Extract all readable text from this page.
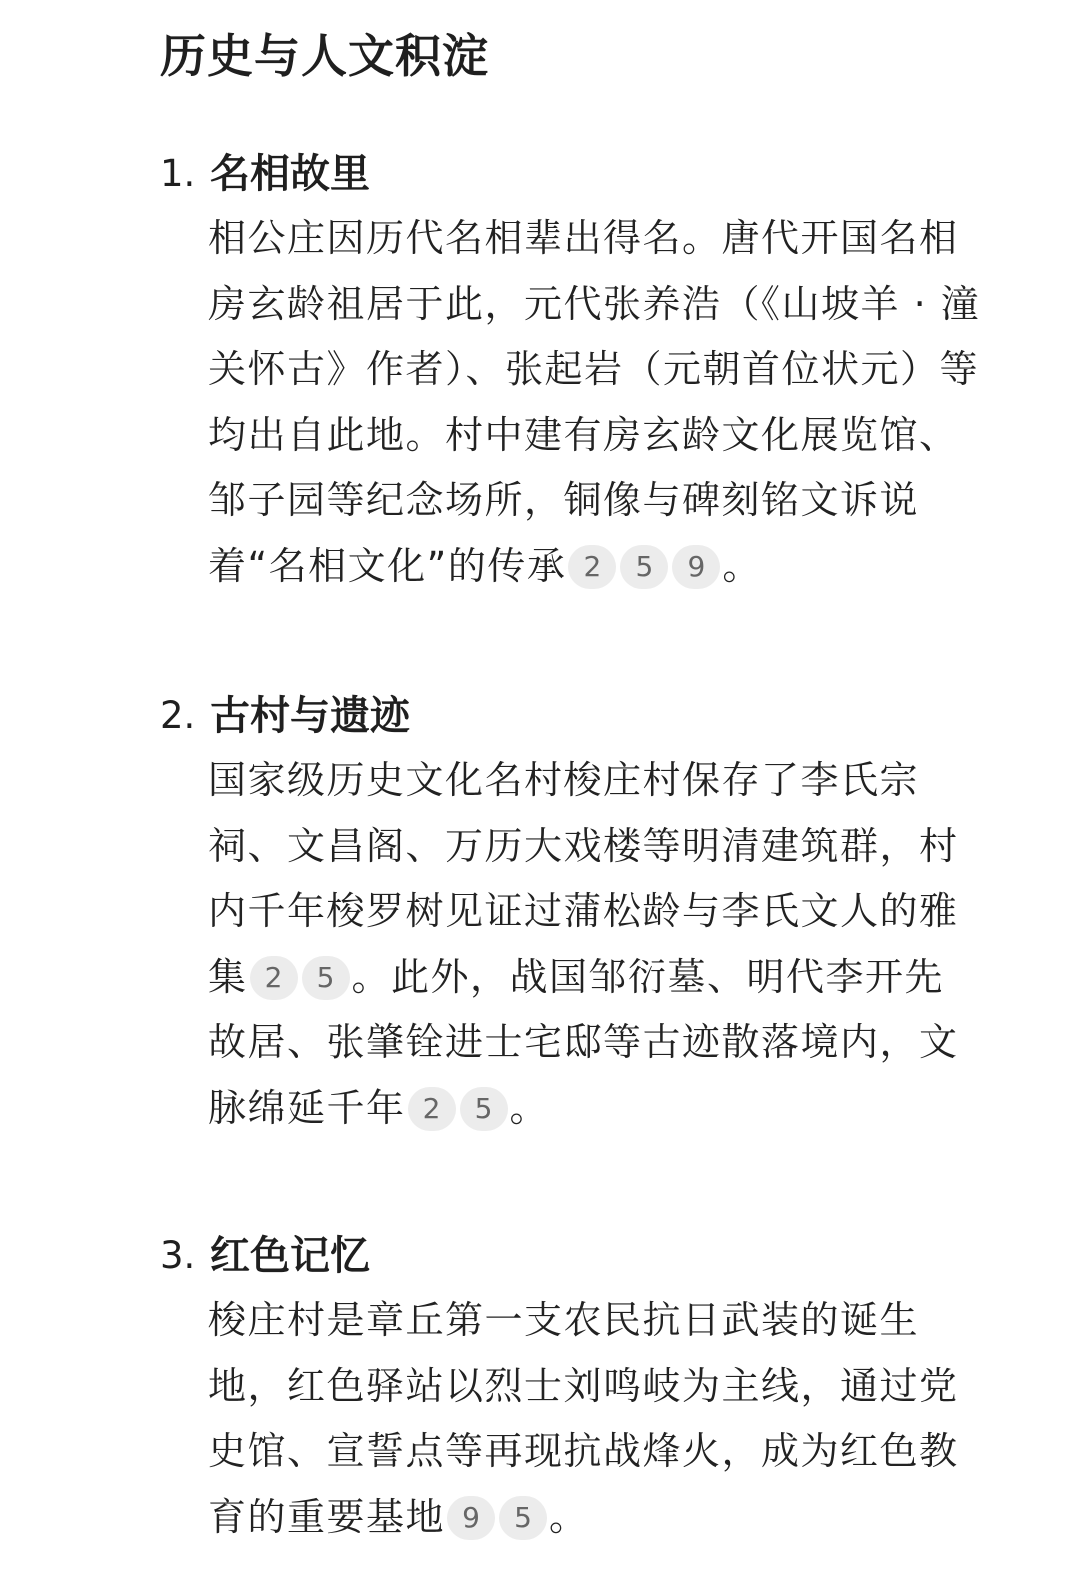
历史与人文积淀
1. 名相故里
相公庄因历代名相辈出得名。唐代开国名相房玄龄祖居于此，元代张养浩（《山坡羊 · 潼关怀古》作者）、张起岩（元朝首位状元）等均出自此地。村中建有房玄龄文化展览馆、邹子园等纪念场所，铜像与碑刻铭文诉说着“名相文化”的传承 2 5 9 。
2. 古村与遗迹
国家级历史文化名村梭庄村保存了李氏宗祠、文昌阁、万历大戏楼等明清建筑群，村内千年梭罗树见证过蒲松龄与李氏文人的雅集 2 5 。此外，战国邹衍墓、明代李开先故居、张肇铨进士宅邸等古迹散落境内，文脉绵延千年 2 5 。
3. 红色记忆
梭庄村是章丘第一支农民抗日武装的诞生地，红色驿站以烈士刘鸣岐为主线，通过党史馆、宣誓点等再现抗战烽火，成为红色教育的重要基地 9 5 。
